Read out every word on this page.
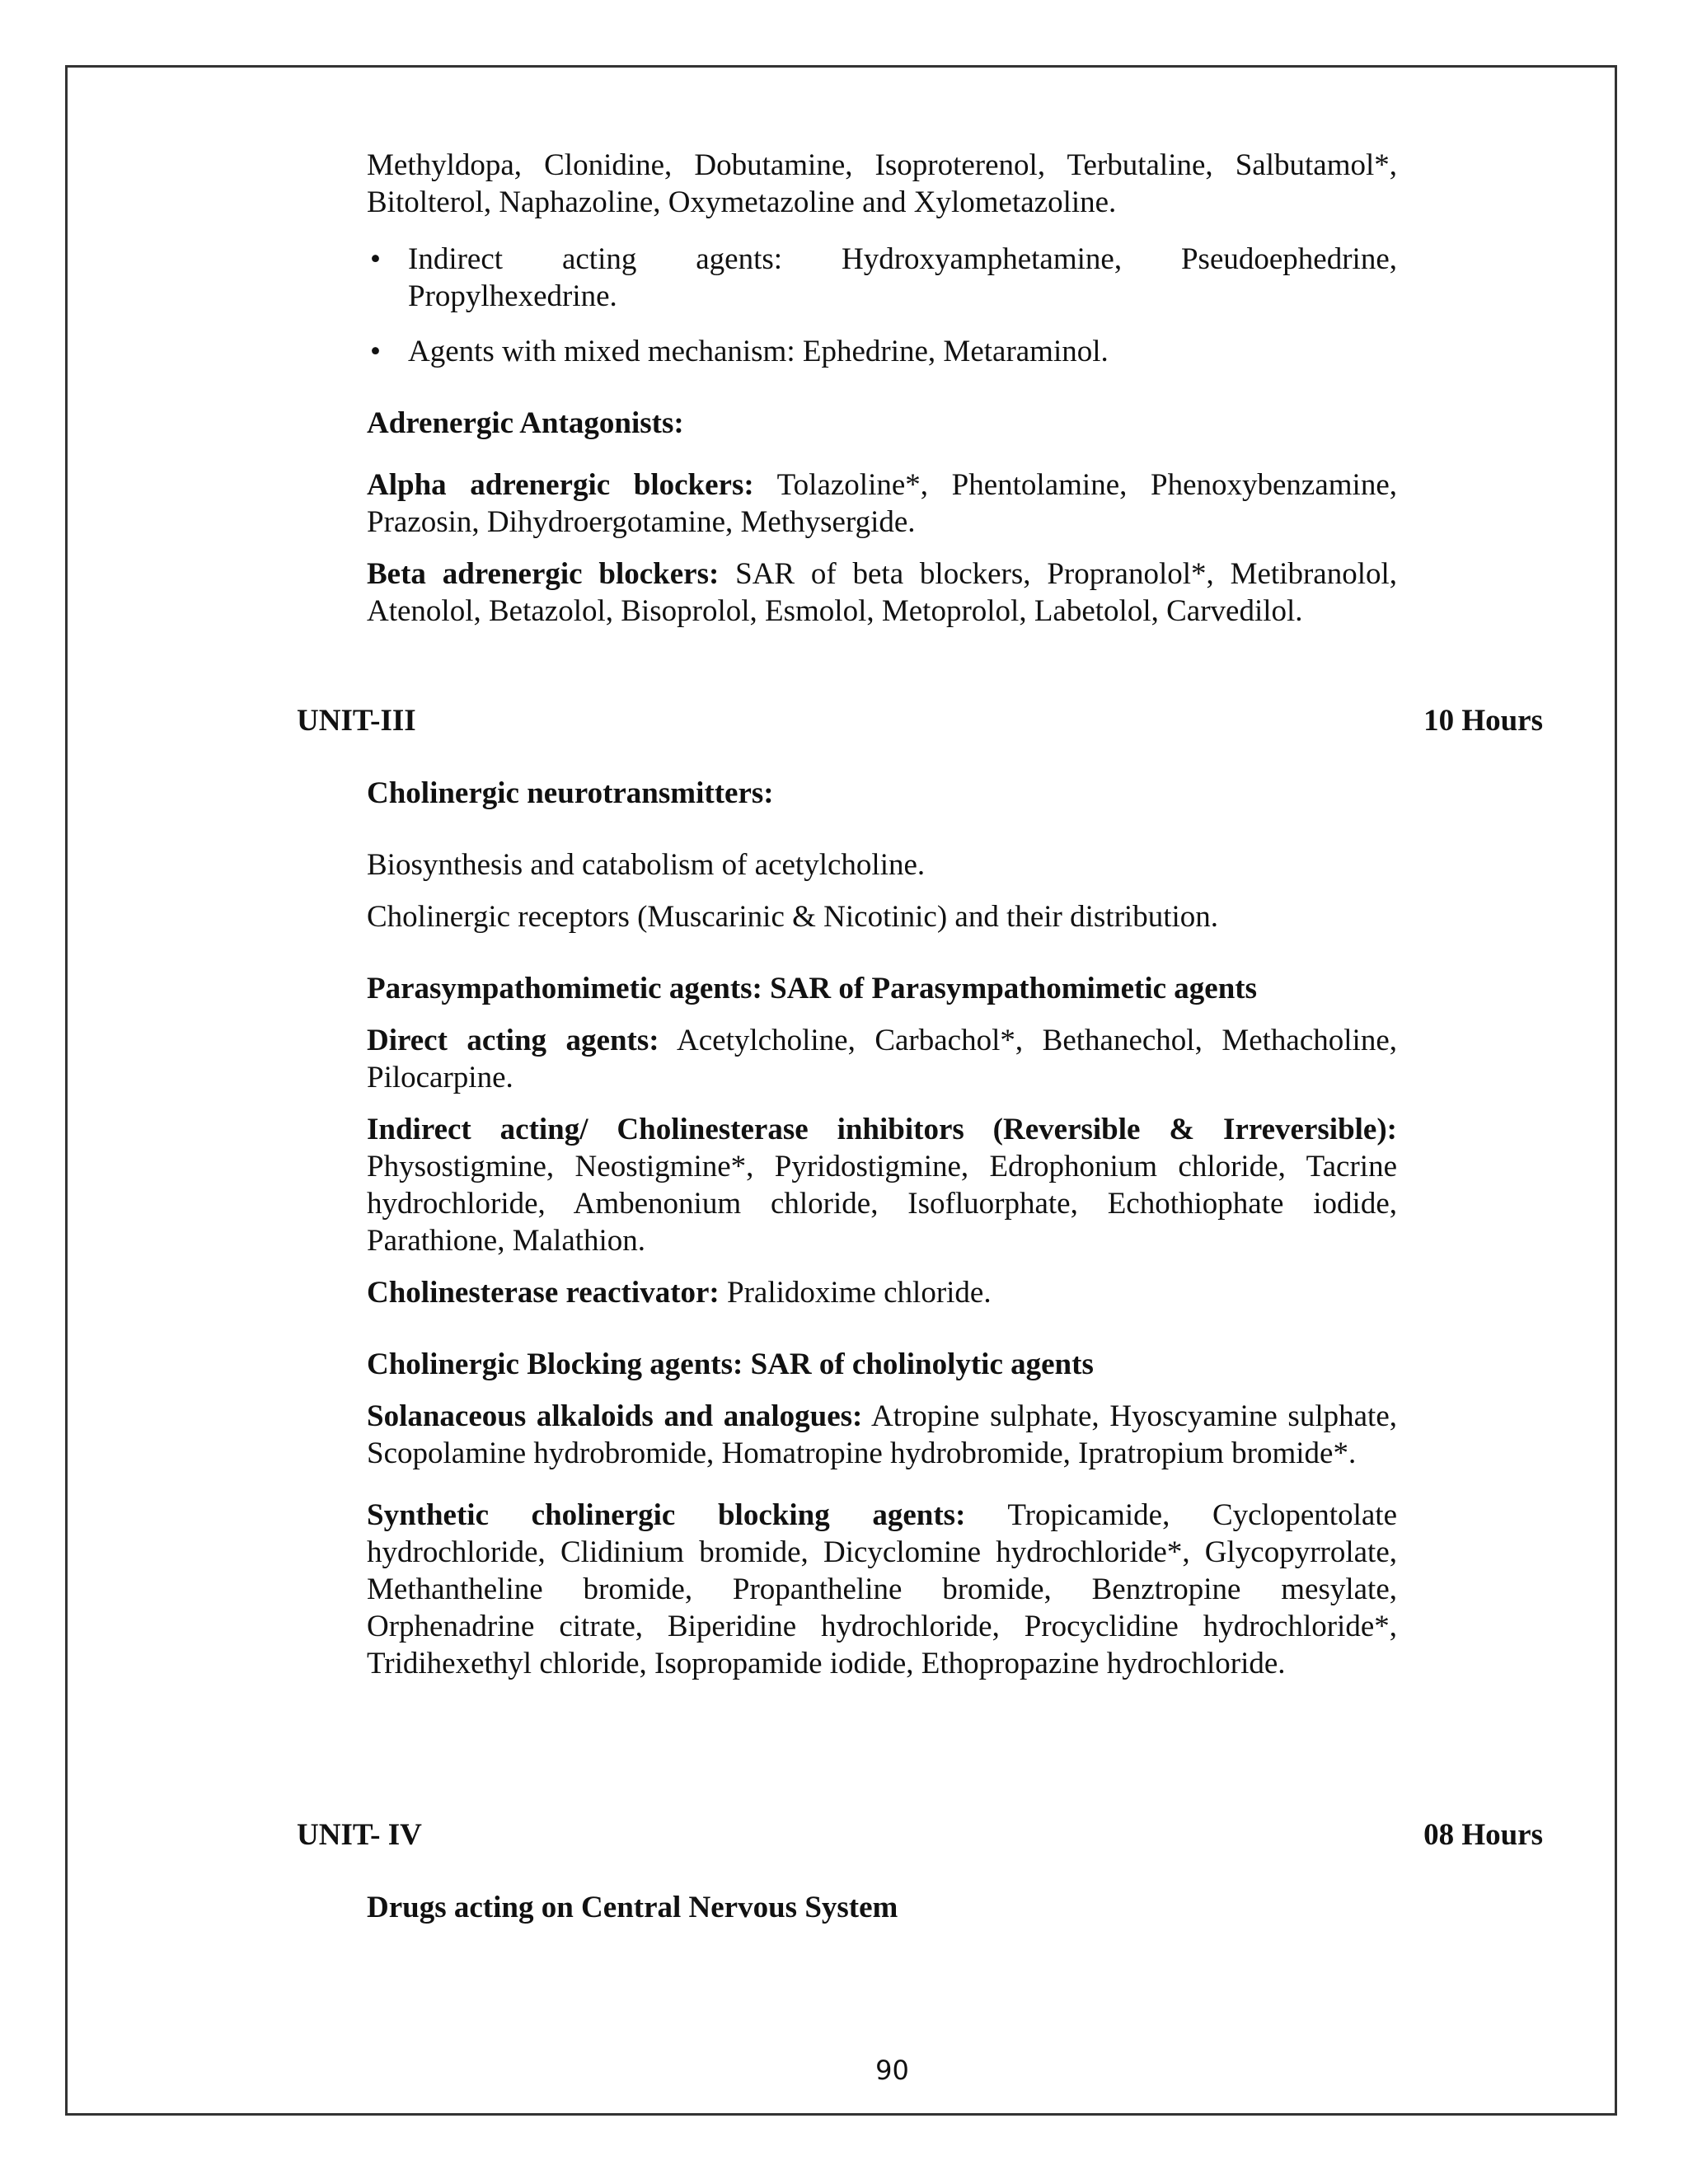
Methyldopa, Clonidine, Dobutamine, Isoproterenol, Terbutaline, Salbutamol*, Bitolterol, Naphazoline, Oxymetazoline and Xylometazoline.

• Indirect acting agents: Hydroxyamphetamine, Pseudoephedrine, Propylhexedrine.
• Agents with mixed mechanism: Ephedrine, Metaraminol.

Adrenergic Antagonists:

Alpha adrenergic blockers: Tolazoline*, Phentolamine, Phenoxybenzamine, Prazosin, Dihydroergotamine, Methysergide.

Beta adrenergic blockers: SAR of beta blockers, Propranolol*, Metibranolol, Atenolol, Betazolol, Bisoprolol, Esmolol, Metoprolol, Labetolol, Carvedilol.

UNIT-III	10 Hours

Cholinergic neurotransmitters:

Biosynthesis and catabolism of acetylcholine.

Cholinergic receptors (Muscarinic & Nicotinic) and their distribution.

Parasympathomimetic agents: SAR of Parasympathomimetic agents

Direct acting agents: Acetylcholine, Carbachol*, Bethanechol, Methacholine, Pilocarpine.

Indirect acting/ Cholinesterase inhibitors (Reversible & Irreversible): Physostigmine, Neostigmine*, Pyridostigmine, Edrophonium chloride, Tacrine hydrochloride, Ambenonium chloride, Isofluorphate, Echothiophate iodide, Parathione, Malathion.

Cholinesterase reactivator: Pralidoxime chloride.

Cholinergic Blocking agents: SAR of cholinolytic agents

Solanaceous alkaloids and analogues: Atropine sulphate, Hyoscyamine sulphate, Scopolamine hydrobromide, Homatropine hydrobromide, Ipratropium bromide*.

Synthetic cholinergic blocking agents: Tropicamide, Cyclopentolate hydrochloride, Clidinium bromide, Dicyclomine hydrochloride*, Glycopyrrolate, Methantheline bromide, Propantheline bromide, Benztropine mesylate, Orphenadrine citrate, Biperidine hydrochloride, Procyclidine hydrochloride*, Tridihexethyl chloride, Isopropamide iodide, Ethopropazine hydrochloride.

UNIT- IV	08 Hours

Drugs acting on Central Nervous System

90
